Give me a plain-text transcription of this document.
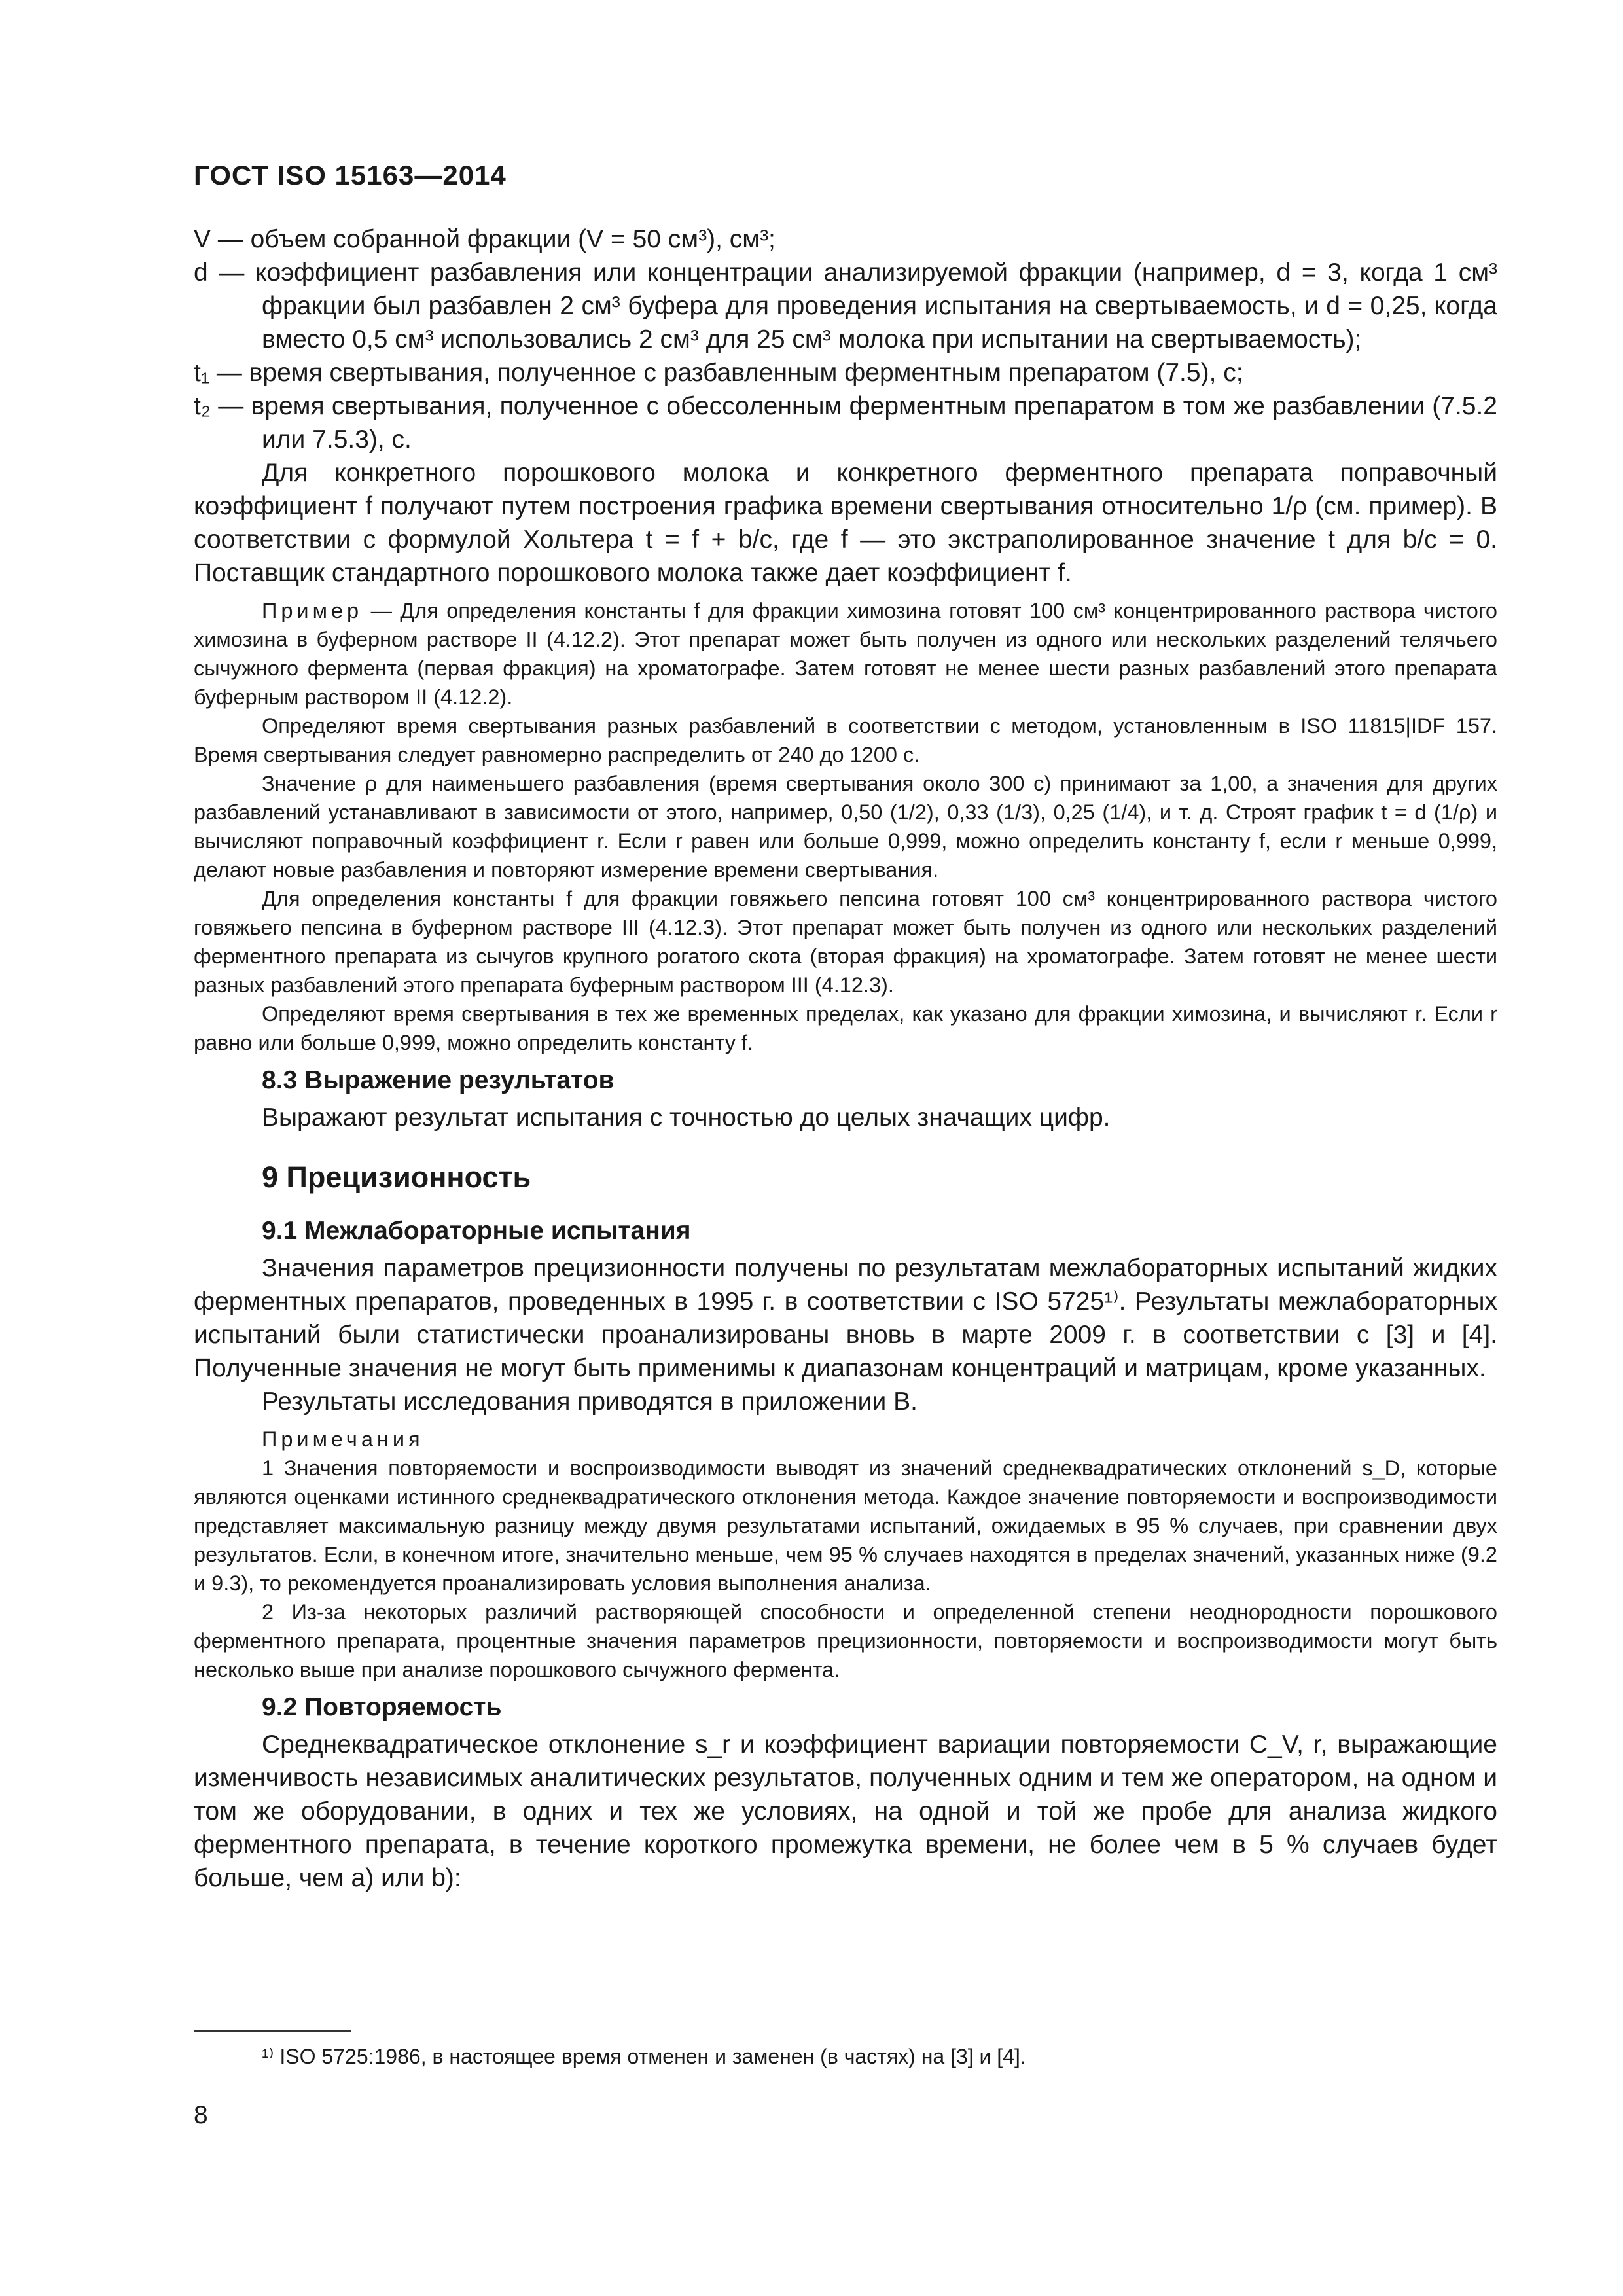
ГОСТ ISO 15163—2014

V — объем собранной фракции (V = 50 см³), см³;

d — коэффициент разбавления или концентрации анализируемой фракции (например, d = 3, когда 1 см³ фракции был разбавлен 2 см³ буфера для проведения испытания на свертываемость, и d = 0,25, когда вместо 0,5 см³ использовались 2 см³ для 25 см³ молока при испытании на свертываемость);

t₁ — время свертывания, полученное с разбавленным ферментным препаратом (7.5), с;

t₂ — время свертывания, полученное с обессоленным ферментным препаратом в том же разбавлении (7.5.2 или 7.5.3), с.

Для конкретного порошкового молока и конкретного ферментного препарата поправочный коэффициент f получают путем построения графика времени свертывания относительно 1/ρ (см. пример). В соответствии с формулой Хольтера t = f + b/c, где f — это экстраполированное значение t для b/c = 0. Поставщик стандартного порошкового молока также дает коэффициент f.

Пример — Для определения константы f для фракции химозина готовят 100 см³ концентрированного раствора чистого химозина в буферном растворе II (4.12.2). Этот препарат может быть получен из одного или нескольких разделений телячьего сычужного фермента (первая фракция) на хроматографе. Затем готовят не менее шести разных разбавлений этого препарата буферным раствором II (4.12.2).

Определяют время свертывания разных разбавлений в соответствии с методом, установленным в ISO 11815|IDF 157. Время свертывания следует равномерно распределить от 240 до 1200 с.

Значение ρ для наименьшего разбавления (время свертывания около 300 с) принимают за 1,00, а значения для других разбавлений устанавливают в зависимости от этого, например, 0,50 (1/2), 0,33 (1/3), 0,25 (1/4), и т. д. Строят график t = d (1/ρ) и вычисляют поправочный коэффициент r. Если r равен или больше 0,999, можно определить константу f, если r меньше 0,999, делают новые разбавления и повторяют измерение времени свертывания.

Для определения константы f для фракции говяжьего пепсина готовят 100 см³ концентрированного раствора чистого говяжьего пепсина в буферном растворе III (4.12.3). Этот препарат может быть получен из одного или нескольких разделений ферментного препарата из сычугов крупного рогатого скота (вторая фракция) на хроматографе. Затем готовят не менее шести разных разбавлений этого препарата буферным раствором III (4.12.3).

Определяют время свертывания в тех же временных пределах, как указано для фракции химозина, и вычисляют r. Если r равно или больше 0,999, можно определить константу f.

8.3 Выражение результатов

Выражают результат испытания с точностью до целых значащих цифр.

9 Прецизионность
9.1 Межлабораторные испытания

Значения параметров прецизионности получены по результатам межлабораторных испытаний жидких ферментных препаратов, проведенных в 1995 г. в соответствии с ISO 5725¹⁾. Результаты межлабораторных испытаний были статистически проанализированы вновь в марте 2009 г. в соответствии с [3] и [4]. Полученные значения не могут быть применимы к диапазонам концентраций и матрицам, кроме указанных.

Результаты исследования приводятся в приложении В.

Примечания

1 Значения повторяемости и воспроизводимости выводят из значений среднеквадратических отклонений s_D, которые являются оценками истинного среднеквадратического отклонения метода. Каждое значение повторяемости и воспроизводимости представляет максимальную разницу между двумя результатами испытаний, ожидаемых в 95 % случаев, при сравнении двух результатов. Если, в конечном итоге, значительно меньше, чем 95 % случаев находятся в пределах значений, указанных ниже (9.2 и 9.3), то рекомендуется проанализировать условия выполнения анализа.

2 Из-за некоторых различий растворяющей способности и определенной степени неоднородности порошкового ферментного препарата, процентные значения параметров прецизионности, повторяемости и воспроизводимости могут быть несколько выше при анализе порошкового сычужного фермента.

9.2 Повторяемость

Среднеквадратическое отклонение s_r и коэффициент вариации повторяемости C_V, r, выражающие изменчивость независимых аналитических результатов, полученных одним и тем же оператором, на одном и том же оборудовании, в одних и тех же условиях, на одной и той же пробе для анализа жидкого ферментного препарата, в течение короткого промежутка времени, не более чем в 5 % случаев будет больше, чем а) или b):

¹⁾ ISO 5725:1986, в настоящее время отменен и заменен (в частях) на [3] и [4].
8
